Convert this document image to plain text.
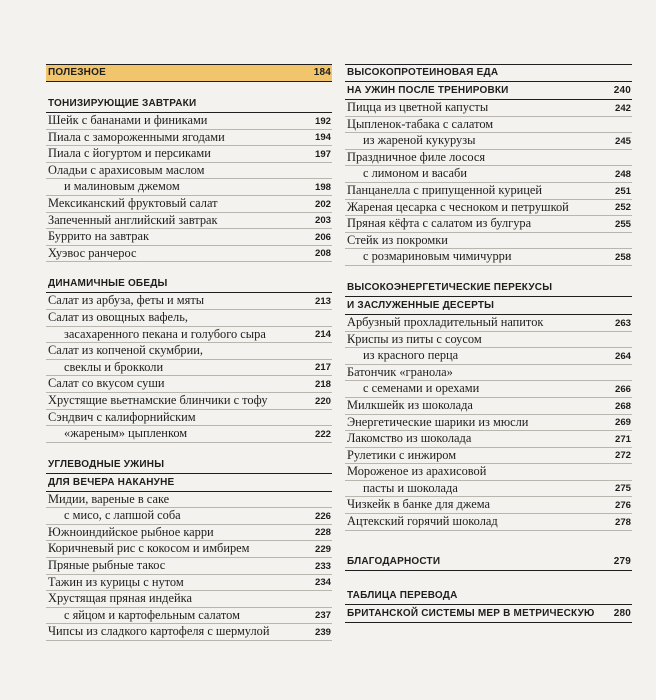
ПОЛЕЗНОЕ	184
ТОНИЗИРУЮЩИЕ ЗАВТРАКИ
Шейк с бананами и финиками	192
Пиала с замороженными ягодами	194
Пиала с йогуртом и персиками	197
Оладьи с арахисовым маслом
и малиновым джемом	198
Мексиканский фруктовый салат	202
Запеченный английский завтрак	203
Буррито на завтрак	206
Хуэвос ранчерос	208
ДИНАМИЧНЫЕ ОБЕДЫ
Салат из арбуза, феты и мяты	213
Салат из овощных вафель,
засахаренного пекана и голубого сыра	214
Салат из копченой скумбрии,
свеклы и брокколи	217
Салат со вкусом суши	218
Хрустящие вьетнамские блинчики с тофу	220
Сэндвич с калифорнийским
«жареным» цыпленком	222
УГЛЕВОДНЫЕ УЖИНЫ
ДЛЯ ВЕЧЕРА НАКАНУНЕ
Мидии, вареные в саке
с мисо, с лапшой соба	226
Южноиндийское рыбное карри	228
Коричневый рис с кокосом и имбирем	229
Пряные рыбные такос	233
Тажин из курицы с нутом	234
Хрустящая пряная индейка
с яйцом и картофельным салатом	237
Чипсы из сладкого картофеля с шермулой	239
ВЫСОКОПРОТЕИНОВАЯ ЕДА
НА УЖИН ПОСЛЕ ТРЕНИРОВКИ	240
Пицца из цветной капусты	242
Цыпленок-табака с салатом
из жареной кукурузы	245
Праздничное филе лосося
с лимоном и васаби	248
Панцанелла с припущенной курицей	251
Жареная цесарка с чесноком и петрушкой	252
Пряная кёфта с салатом из булгура	255
Стейк из покромки
с розмариновым чимичурри	258
ВЫСОКОЭНЕРГЕТИЧЕСКИЕ ПЕРЕКУСЫ
И ЗАСЛУЖЕННЫЕ ДЕСЕРТЫ
Арбузный прохладительный напиток	263
Криспы из питы с соусом
из красного перца	264
Батончик «гранола»
с семенами и орехами	266
Милкшейк из шоколада	268
Энергетические шарики из мюсли	269
Лакомство из шоколада	271
Рулетики с инжиром	272
Мороженое из арахисовой
пасты и шоколада	275
Чизкейк в банке для джема	276
Ацтекский горячий шоколад	278
БЛАГОДАРНОСТИ	279
ТАБЛИЦА ПЕРЕВОДА
БРИТАНСКОЙ СИСТЕМЫ МЕР В МЕТРИЧЕСКУЮ 280
